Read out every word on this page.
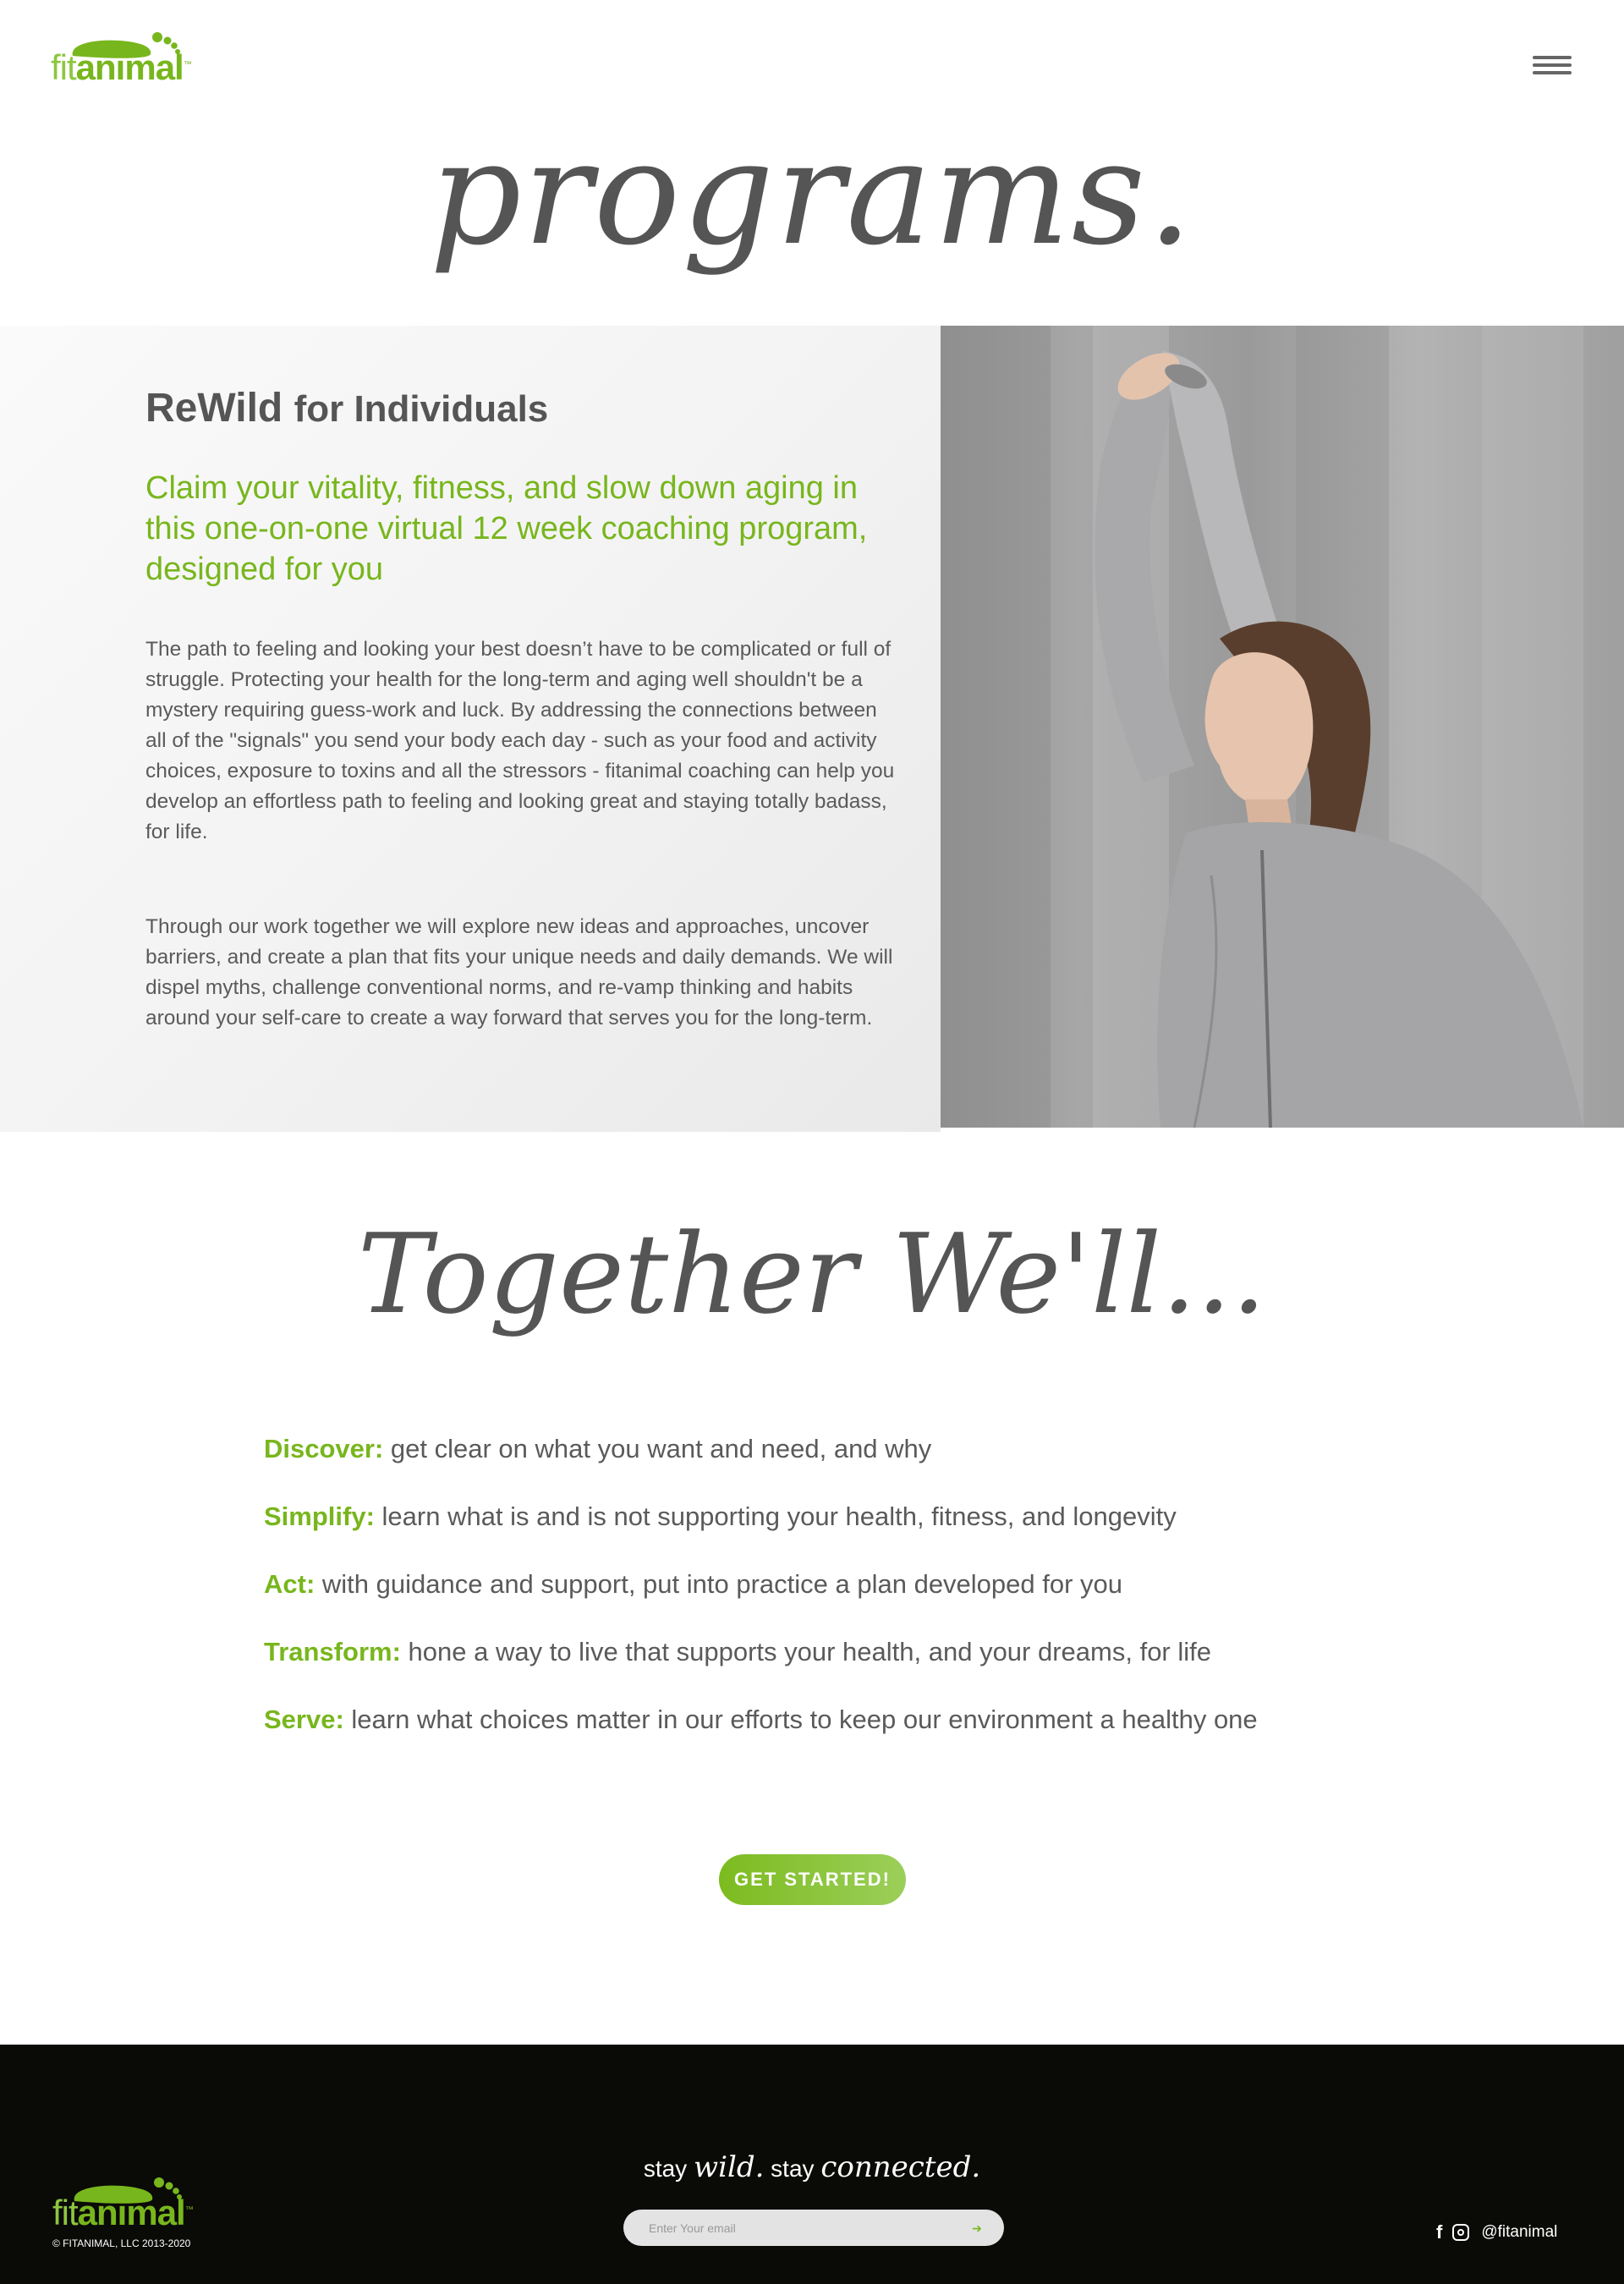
fitanimal™
programs.
ReWild for Individuals

Claim your vitality, fitness, and slow down aging in this one-on-one virtual 12 week coaching program, designed for you

The path to feeling and looking your best doesn’t have to be complicated or full of struggle. Protecting your health for the long-term and aging well shouldn't be a mystery requiring guess-work and luck. By addressing the connections between all of the "signals" you send your body each day - such as your food and activity choices, exposure to toxins and all the stressors - fitanimal coaching can help you develop an effortless path to feeling and looking great and staying totally badass, for life.

Through our work together we will explore new ideas and approaches, uncover barriers, and create a plan that fits your unique needs and daily demands. We will dispel myths, challenge conventional norms, and re-vamp thinking and habits around your self-care to create a way forward that serves you for the long-term.

Together We'll...
Discover: get clear on what you want and need, and why
Simplify: learn what is and is not supporting your health, fitness, and longevity
Act: with guidance and support, put into practice a plan developed for you
Transform: hone a way to live that supports your health, and your dreams, for life
Serve: learn what choices matter in our efforts to keep our environment a healthy one
GET STARTED!
fitanimal™
© FITANIMAL, LLC 2013-2020
stay wild. stay connected.
Enter Your email
➔	f @fitanimal
